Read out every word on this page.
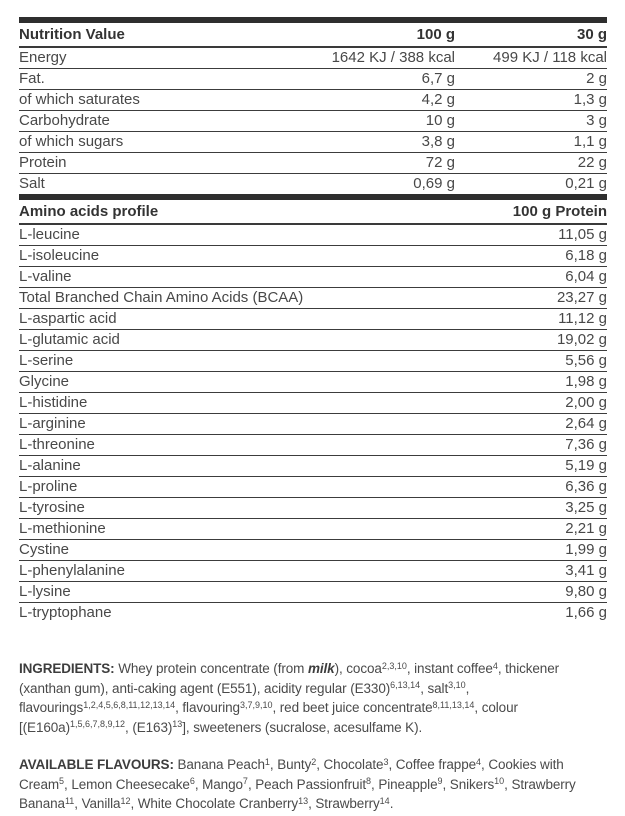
Nutrition Value	100 g	30 g
Energy	1642 KJ / 388 kcal	499 KJ / 118 kcal
Fat.	6,7 g	2 g
of which saturates	4,2 g	1,3 g
Carbohydrate	10 g	3 g
of which sugars	3,8 g	1,1 g
Protein	72 g	22 g
Salt	0,69 g	0,21 g
Amino acids profile	100 g Protein
L-leucine	11,05 g
L-isoleucine	6,18 g
L-valine	6,04 g
Total Branched Chain Amino Acids (BCAA)	23,27 g
L-aspartic acid	11,12 g
L-glutamic acid	19,02 g
L-serine	5,56 g
Glycine	1,98 g
L-histidine	2,00 g
L-arginine	2,64 g
L-threonine	7,36 g
L-alanine	5,19 g
L-proline	6,36 g
L-tyrosine	3,25 g
L-methionine	2,21 g
Cystine	1,99 g
L-phenylalanine	3,41 g
L-lysine	9,80 g
L-tryptophane	1,66 g

INGREDIENTS: Whey protein concentrate (from milk), cocoa$^{2,3,10}$, instant coffee$^4$, thickener (xanthan gum), anti-caking agent (E551), acidity regular $(E330)^{6,13,14}$, salt$^{3,10}$, flavourings$^{1,2,4,5,6,8,11,12,13,14}$, flavouring$^{3,7,9,10}$, red beet juice concentrate$^{8,11,13,14}$, colour [$(E160a)^{1,5,6,7,8,9,12}$, $(E163)^{13}$], sweeteners (sucralose, acesulfame K).

AVAILABLE FLAVOURS: Banana Peach$^1$, Bunty$^2$, Chocolate$^3$, Coffee frappe$^4$, Cookies with Cream$^5$, Lemon Cheesecake$^6$, Mango$^7$, Peach Passionfruit$^8$, Pineapple$^9$, Snikers$^{10}$, Strawberry Banana$^{11}$, Vanilla$^{12}$, White Chocolate Cranberry$^{13}$, Strawberry$^{14}$.
